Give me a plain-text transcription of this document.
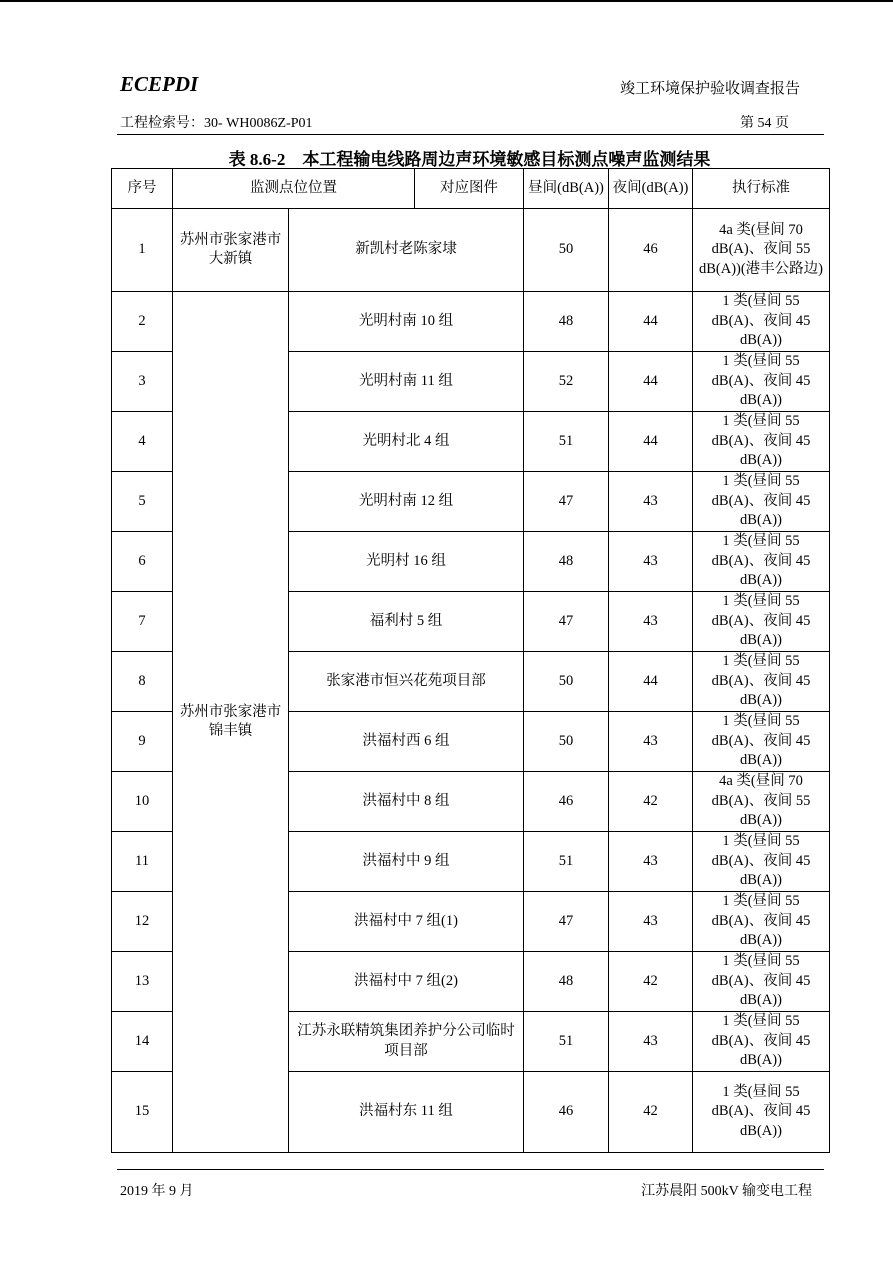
ECEPDI	竣工环境保护验收调查报告
工程检索号：30- WH0086Z-P01	第 54 页
表 8.6-2　本工程输电线路周边声环境敏感目标测点噪声监测结果
序号	监测点位位置		对应图件	昼间(dB(A))	夜间(dB(A))	执行标准
1	苏州市张家港市大新镇	新凯村老陈家埭		50	46	4a 类(昼间 70 dB(A)、夜间 55 dB(A))(港丰公路边)
2	苏州市张家港市锦丰镇	光明村南 10 组		48	44	1 类(昼间 55 dB(A)、夜间 45 dB(A))
3		光明村南 11 组		52	44	1 类(昼间 55 dB(A)、夜间 45 dB(A))
4		光明村北 4 组		51	44	1 类(昼间 55 dB(A)、夜间 45 dB(A))
5		光明村南 12 组		47	43	1 类(昼间 55 dB(A)、夜间 45 dB(A))
6		光明村 16 组		48	43	1 类(昼间 55 dB(A)、夜间 45 dB(A))
7		福利村 5 组		47	43	1 类(昼间 55 dB(A)、夜间 45 dB(A))
8		张家港市恒兴花苑项目部		50	44	1 类(昼间 55 dB(A)、夜间 45 dB(A))
9		洪福村西 6 组		50	43	1 类(昼间 55 dB(A)、夜间 45 dB(A))
10		洪福村中 8 组		46	42	4a 类(昼间 70 dB(A)、夜间 55 dB(A))
11		洪福村中 9 组		51	43	1 类(昼间 55 dB(A)、夜间 45 dB(A))
12		洪福村中 7 组(1)		47	43	1 类(昼间 55 dB(A)、夜间 45 dB(A))
13		洪福村中 7 组(2)		48	42	1 类(昼间 55 dB(A)、夜间 45 dB(A))
14		江苏永联精筑集团养护分公司临时项目部		51	43	1 类(昼间 55 dB(A)、夜间 45 dB(A))
15		洪福村东 11 组		46	42	1 类(昼间 55 dB(A)、夜间 45 dB(A))
2019 年 9 月	江苏晨阳 500kV 输变电工程
